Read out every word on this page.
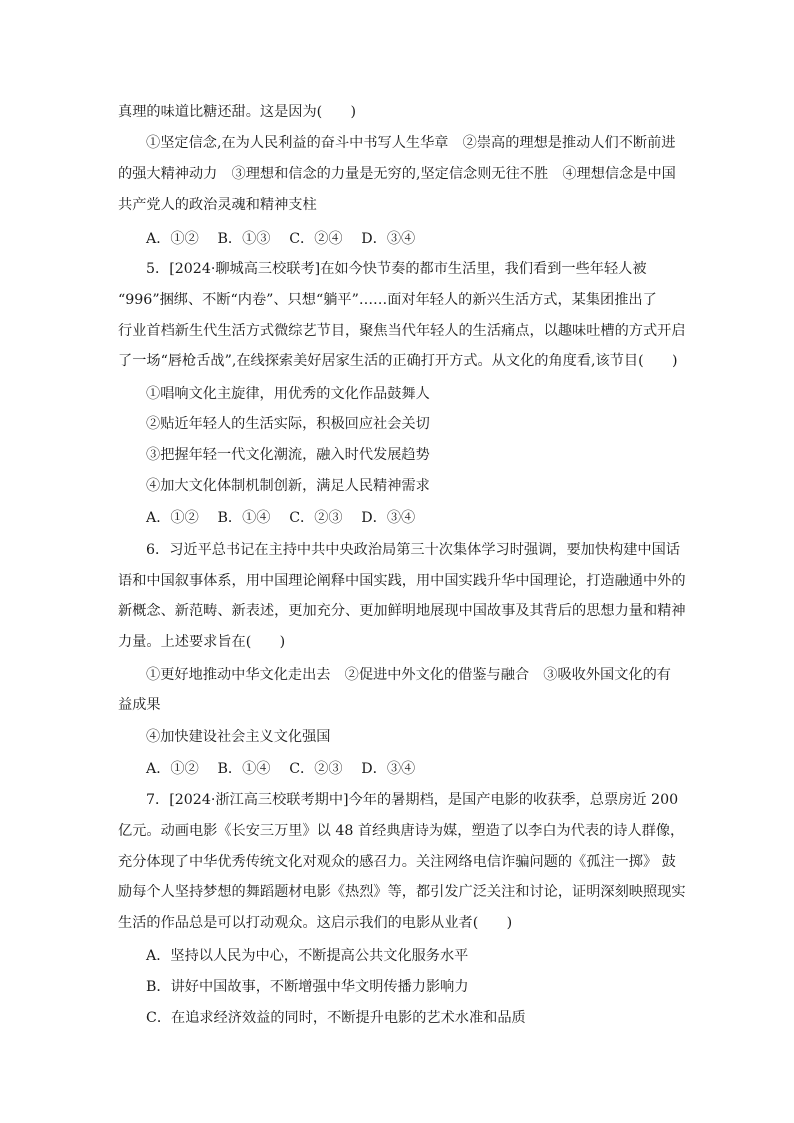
真理的味道比糖还甜。这是因为(　　)
①坚定信念,在为人民利益的奋斗中书写人生华章　②崇高的理想是推动人们不断前进
的强大精神动力　③理想和信念的力量是无穷的,坚定信念则无往不胜　④理想信念是中国
共产党人的政治灵魂和精神支柱
A．①②　 B．①③　 C．②④　 D．③④
5．[2024·聊城高三校联考]在如今快节奏的都市生活里，我们看到一些年轻人被
“996”捆绑、不断“内卷”、只想“躺平”……面对年轻人的新兴生活方式，某集团推出了
行业首档新生代生活方式微综艺节目，聚焦当代年轻人的生活痛点，以趣味吐槽的方式开启
了一场“唇枪舌战”,在线探索美好居家生活的正确打开方式。从文化的角度看,该节目(　　)
①唱响文化主旋律，用优秀的文化作品鼓舞人
②贴近年轻人的生活实际，积极回应社会关切
③把握年轻一代文化潮流，融入时代发展趋势
④加大文化体制机制创新，满足人民精神需求
A．①②　 B．①④　 C．②③　 D．③④
6．习近平总书记在主持中共中央政治局第三十次集体学习时强调，要加快构建中国话
语和中国叙事体系，用中国理论阐释中国实践，用中国实践升华中国理论，打造融通中外的
新概念、新范畴、新表述，更加充分、更加鲜明地展现中国故事及其背后的思想力量和精神
力量。上述要求旨在(　　)
①更好地推动中华文化走出去　②促进中外文化的借鉴与融合　③吸收外国文化的有
益成果
④加快建设社会主义文化强国
A．①②　 B．①④　 C．②③　 D．③④
7．[2024·浙江高三校联考期中]今年的暑期档，是国产电影的收获季，总票房近 200
亿元。动画电影《长安三万里》以 48 首经典唐诗为媒，塑造了以李白为代表的诗人群像，
充分体现了中华优秀传统文化对观众的感召力。关注网络电信诈骗问题的《孤注一掷》 鼓
励每个人坚持梦想的舞蹈题材电影《热烈》等，都引发广泛关注和讨论，证明深刻映照现实
生活的作品总是可以打动观众。这启示我们的电影从业者(　　)
A．坚持以人民为中心，不断提高公共文化服务水平
B．讲好中国故事，不断增强中华文明传播力影响力
C．在追求经济效益的同时，不断提升电影的艺术水准和品质
